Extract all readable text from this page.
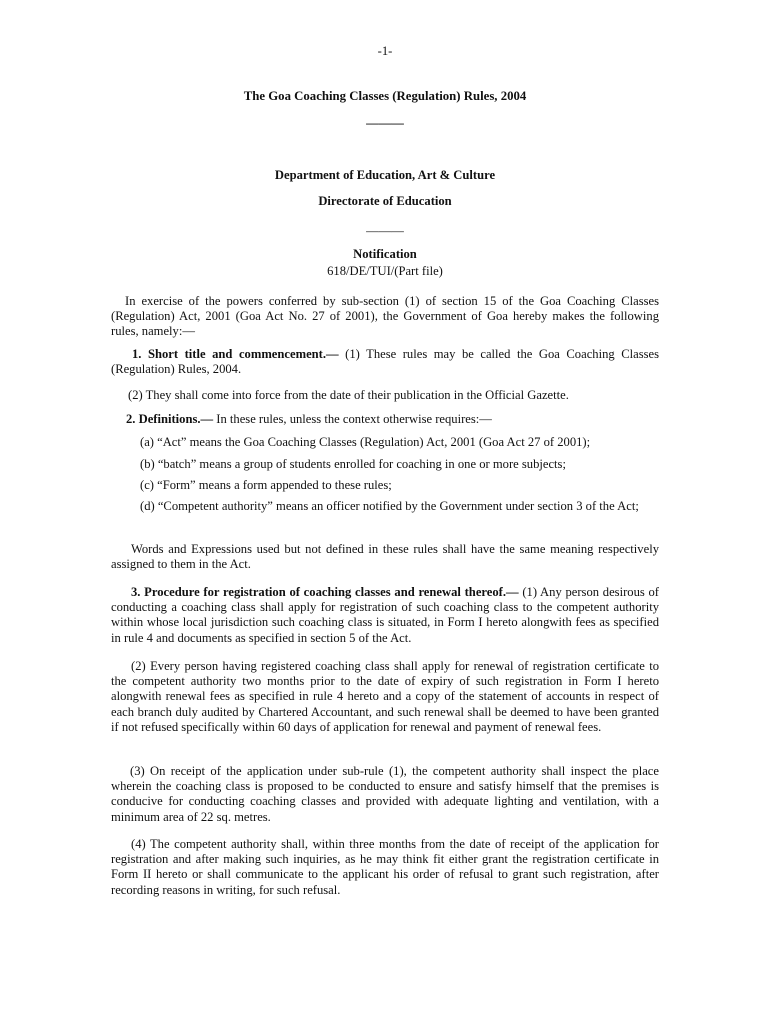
-1-
The Goa Coaching Classes (Regulation) Rules, 2004
———
Department of Education, Art & Culture
Directorate of Education
———
Notification
618/DE/TUI/(Part file)

In exercise of the powers conferred by sub-section (1) of section 15 of the Goa Coaching Classes (Regulation) Act, 2001 (Goa Act No. 27 of 2001), the Government of Goa hereby makes the following rules, namely:—

1. Short title and commencement.— (1) These rules may be called the Goa Coaching Classes (Regulation) Rules, 2004.

(2) They shall come into force from the date of their publication in the Official Gazette.

2. Definitions.— In these rules, unless the context otherwise requires:—

(a) “Act” means the Goa Coaching Classes (Regulation) Act, 2001 (Goa Act 27 of 2001);
(b) “batch” means a group of students enrolled for coaching in one or more subjects;
(c) “Form” means a form appended to these rules;

(d) “Competent authority” means an officer notified by the Government under section 3 of the Act;

Words and Expressions used but not defined in these rules shall have the same meaning respectively assigned to them in the Act.

3. Procedure for registration of coaching classes and renewal thereof.— (1) Any person desirous of conducting a coaching class shall apply for registration of such coaching class to the competent authority within whose local jurisdiction such coaching class is situated, in Form I hereto alongwith fees as specified in rule 4 and documents as specified in section 5 of the Act.

(2) Every person having registered coaching class shall apply for renewal of registration certificate to the competent authority two months prior to the date of expiry of such registration in Form I hereto alongwith renewal fees as specified in rule 4 hereto and a copy of the statement of accounts in respect of each branch duly audited by Chartered Accountant, and such renewal shall be deemed to have been granted if not refused specifically within 60 days of application for renewal and payment of renewal fees.

(3) On receipt of the application under sub-rule (1), the competent authority shall inspect the place wherein the coaching class is proposed to be conducted to ensure and satisfy himself that the premises is conducive for conducting coaching classes and provided with adequate lighting and ventilation, with a minimum area of 22 sq. metres.

(4) The competent authority shall, within three months from the date of receipt of the application for registration and after making such inquiries, as he may think fit either grant the registration certificate in Form II hereto or shall communicate to the applicant his order of refusal to grant such registration, after recording reasons in writing, for such refusal.
